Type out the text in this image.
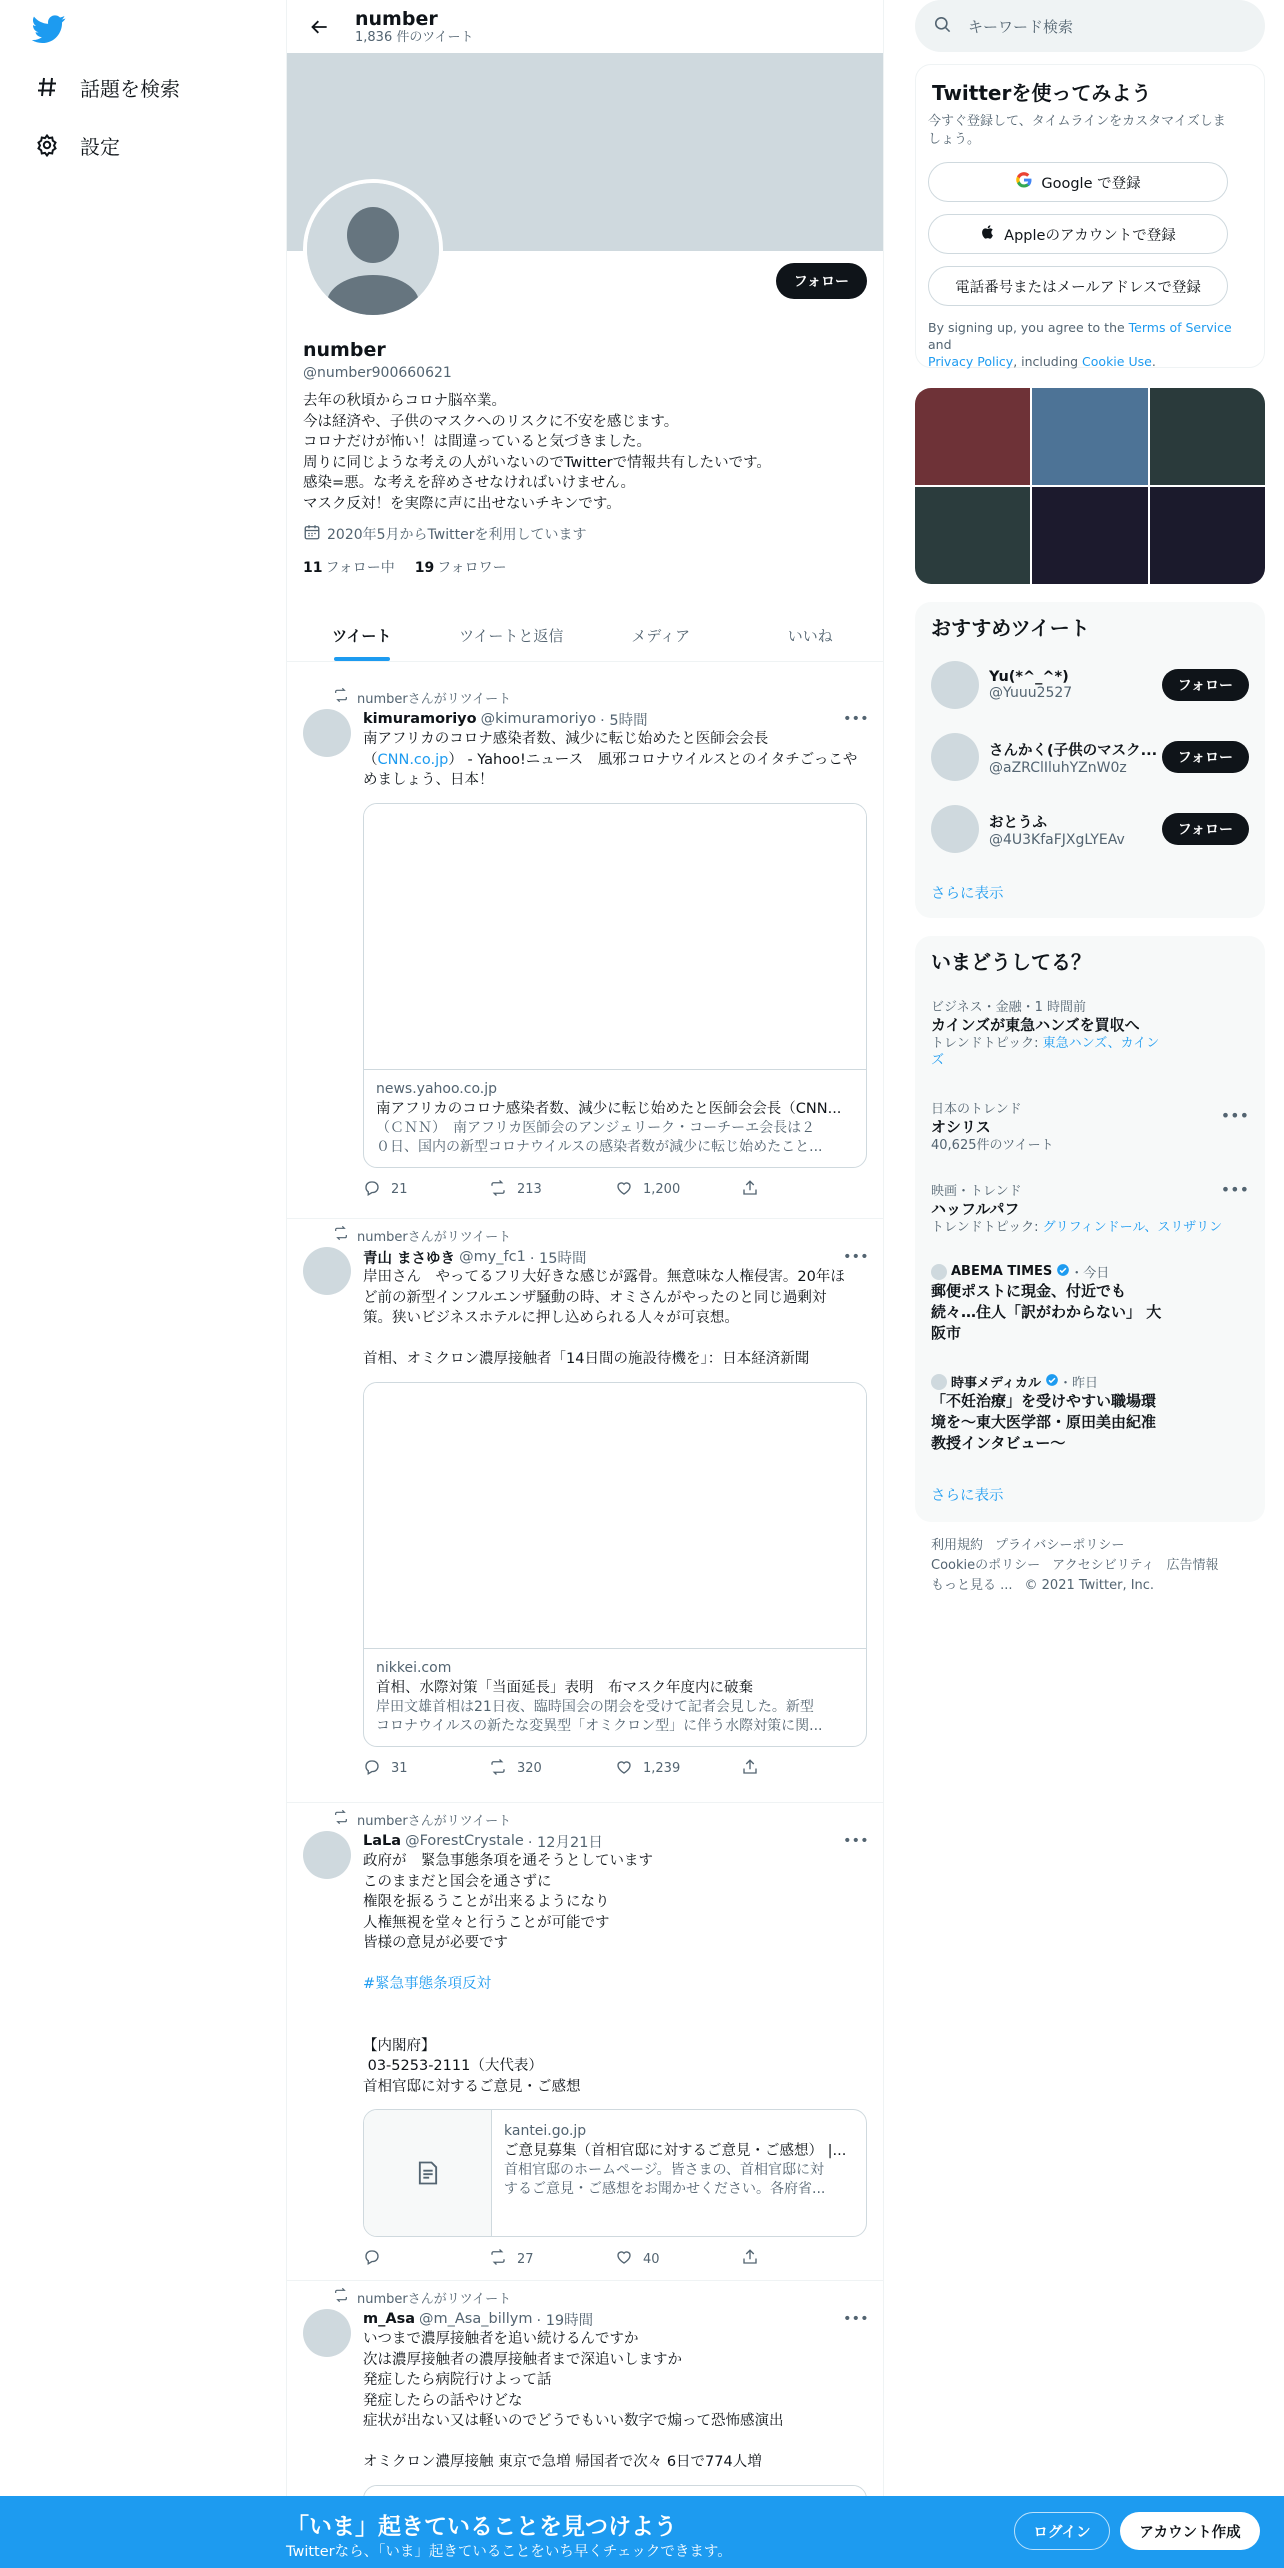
話題を検索
設定
number
1,836 件のツイート
フォロー
number
@number900660621
去年の秋頃からコロナ脳卒業。
今は経済や、子供のマスクへのリスクに不安を感じます。
コロナだけが怖い！は間違っていると気づきました。
周りに同じような考えの人がいないのでTwitterで情報共有したいです。
感染=悪。な考えを辞めさせなければいけません。
マスク反対！を実際に声に出せないチキンです。
2020年5月からTwitterを利用しています
11 フォロー中 19 フォロワー
ツイート	ツイートと返信	メディア	いいね
numberさんがリツイート
kimuramoriyo @kimuramoriyo · 5時間	•••
南アフリカのコロナ感染者数、減少に転じ始めたと医師会会長
（CNN.co.jp） - Yahoo!ニュース　風邪コロナウイルスとのイタチごっこや
めましょう、日本！
news.yahoo.co.jp
南アフリカのコロナ感染者数、減少に転じ始めたと医師会会長（CNN...
（ＣＮＮ）　南アフリカ医師会のアンジェリーク・コーチーエ会長は２
０日、国内の新型コロナウイルスの感染者数が減少に転じ始めたこと...
21	213	1,200
numberさんがリツイート
青山 まさゆき @my_fc1 · 15時間	•••
岸田さん　やってるフリ大好きな感じが露骨。無意味な人権侵害。20年ほ
ど前の新型インフルエンザ騒動の時、オミさんがやったのと同じ過剰対
策。狭いビジネスホテルに押し込められる人々が可哀想。
首相、オミクロン濃厚接触者「14日間の施設待機を」：日本経済新聞
nikkei.com
首相、水際対策「当面延長」表明　布マスク年度内に破棄
岸田文雄首相は21日夜、臨時国会の閉会を受けて記者会見した。新型
コロナウイルスの新たな変異型「オミクロン型」に伴う水際対策に関...
31	320	1,239
numberさんがリツイート
LaLa @ForestCrystale · 12月21日	•••
政府が　緊急事態条項を通そうとしています
このままだと国会を通さずに
権限を振るうことが出来るようになり
人権無視を堂々と行うことが可能です
皆様の意見が必要です
#緊急事態条項反対
【内閣府】
03-5253-2111（大代表）
首相官邸に対するご意見・ご感想
kantei.go.jp
ご意見募集（首相官邸に対するご意見・ご感想） |...
首相官邸のホームページ。皆さまの、首相官邸に対
するご意見・ご感想をお聞かせください。各府省...
27	40
numberさんがリツイート
m_Asa @m_Asa_billym · 19時間	•••
いつまで濃厚接触者を追い続けるんですか
次は濃厚接触者の濃厚接触者まで深追いしますか
発症したら病院行けよって話
発症したらの話やけどな
症状が出ない又は軽いのでどうでもいい数字で煽って恐怖感演出
オミクロン濃厚接触 東京で急増 帰国者で次々 6日で774人増
キーワード検索
Twitterを使ってみよう
今すぐ登録して、タイムラインをカスタマイズしま
しょう。
Google で登録
Appleのアカウントで登録
電話番号またはメールアドレスで登録
By signing up, you agree to the Terms of Service and
Privacy Policy, including Cookie Use.
おすすめツイート
Yu(*^_^*)
@Yuuu2527	フォロー
さんかく(子供のマスク...
@aZRClIluhYZnW0z
フォロー
おとうふ
@4U3KfaFJXgLYEAv
フォロー
さらに表示
いまどうしてる？
ビジネス・金融・1 時間前
カインズが東急ハンズを買収へ
トレンドトピック: 東急ハンズ、カイン
ズ
日本のトレンド
オシリス
40,625件のツイート
•••
映画・トレンド
ハッフルパフ
トレンドトピック: グリフィンドール、スリザリン
•••
ABEMA TIMES ・今日
郵便ポストに現金、付近でも
続々…住人「訳がわからない」 大
阪市
時事メディカル ・昨日
「不妊治療」を受けやすい職場環
境を～東大医学部・原田美由紀准
教授インタビュー～
さらに表示
利用規約 プライバシーポリシー
Cookieのポリシー アクセシビリティ 広告情報
もっと見る ... © 2021 Twitter, Inc.
「いま」起きていることを見つけよう
Twitterなら、「いま」起きていることをいち早くチェックできます。
ログイン	アカウント作成
